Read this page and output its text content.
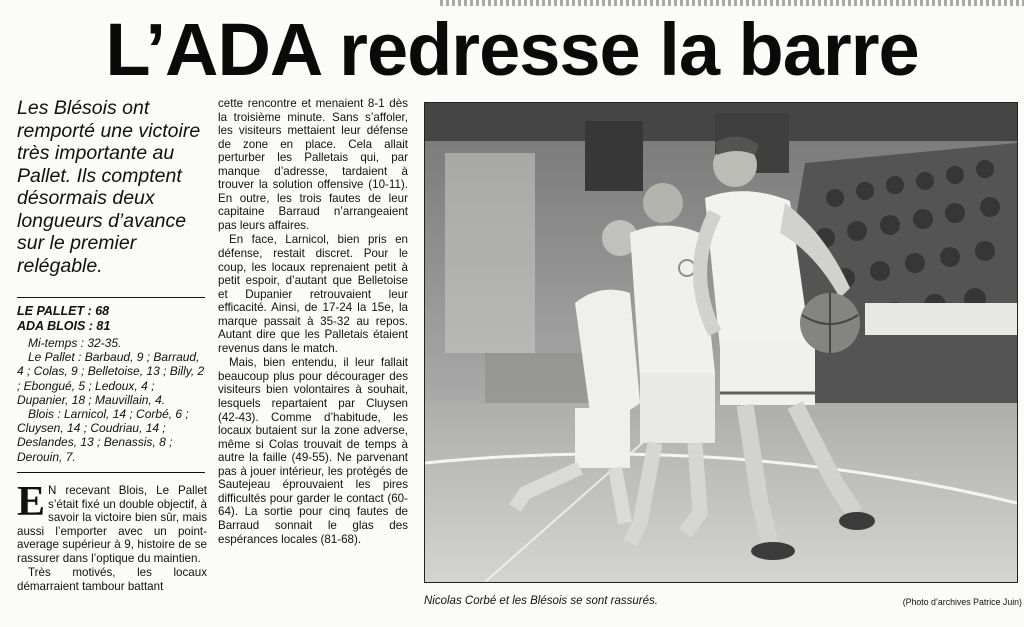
L’ADA redresse la barre

Les Blésois ont remporté une victoire très importante au Pallet. Ils comptent désormais deux longueurs d’avance sur le premier relégable.

LE PALLET : 68

ADA BLOIS : 81

Mi-temps : 32-35.

Le Pallet : Barbaud, 9 ; Barraud, 4 ; Colas, 9 ; Belletoise, 13 ; Billy, 2 ; Ebongué, 5 ; Ledoux, 4 ; Dupanier, 18 ; Mauvillain, 4.

Blois : Larnicol, 14 ; Corbé, 6 ; Cluysen, 14 ; Coudriau, 14 ; Deslandes, 13 ; Benassis, 8 ; Derouin, 7.

E N recevant Blois, Le Pallet s’était fixé un double objectif, à savoir la victoire bien sûr, mais aussi l’emporter avec un point-average supérieur à 9, histoire de se rassurer dans l’optique du maintien.

Très motivés, les locaux démarraient tambour battant

cette rencontre et menaient 8-1 dès la troisième minute. Sans s’affoler, les visiteurs mettaient leur défense de zone en place. Cela allait perturber les Palletais qui, par manque d’adresse, tardaient à trouver la solution offensive (10-11). En outre, les trois fautes de leur capitaine Barraud n’arrangeaient pas leurs affaires.

En face, Larnicol, bien pris en défense, restait discret. Pour le coup, les locaux reprenaient petit à petit espoir, d’autant que Belletoise et Dupanier retrouvaient leur efficacité. Ainsi, de 17-24 la 15e, la marque passait à 35-32 au repos. Autant dire que les Palletais étaient revenus dans le match.

Mais, bien entendu, il leur fallait beaucoup plus pour décourager des visiteurs bien volontaires à souhait, lesquels repartaient par Cluysen (42-43). Comme d’habitude, les locaux butaient sur la zone adverse, même si Colas trouvait de temps à autre la faille (49-55). Ne parvenant pas à jouer intérieur, les protégés de Sautejeau éprouvaient les pires difficultés pour garder le contact (60-64). La sortie pour cinq fautes de Barraud sonnait le glas des espérances locales (81-68).

Nicolas Corbé et les Blésois se sont rassurés.	(Photo d’archives Patrice Juin)
